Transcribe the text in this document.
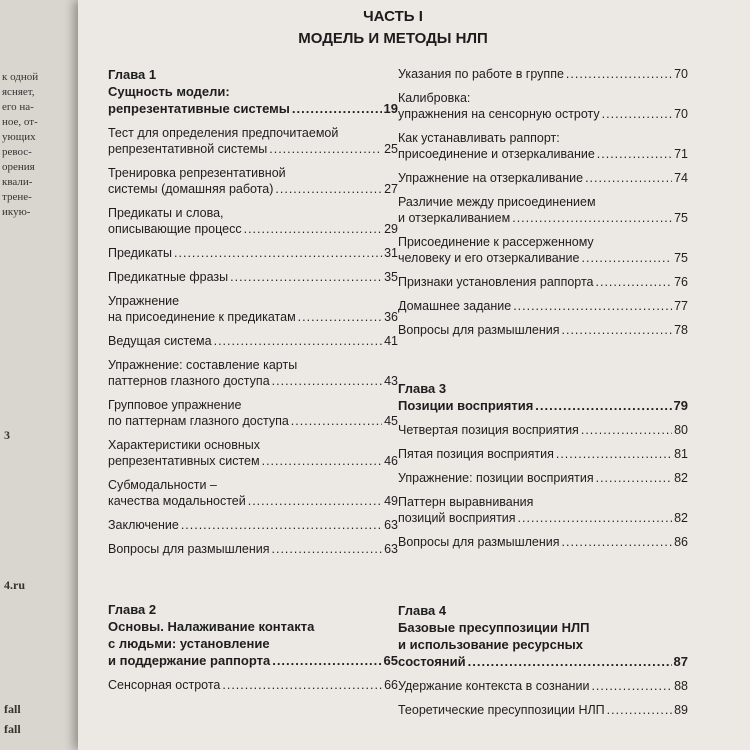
к одной
ясняет,
его на-
ное, от-
ующих
ревос-
орения
квали-
трене-
икую-
3
4.ru
fall
fall
ЧАСТЬ I
МОДЕЛЬ И МЕТОДЫ НЛП
Глава 1
Сущность модели:
репрезентативные системы .....	19
Тест для определения предпочитаемой
репрезентативной системы .....	25
Тренировка репрезентативной
системы (домашняя работа) .....	27
Предикаты и слова,
описывающие процесс .....	29
Предикаты .....	31
Предикатные фразы .....	35
Упражнение
на присоединение к предикатам .....	36
Ведущая система .....	41
Упражнение: составление карты
паттернов глазного доступа .....	43
Групповое упражнение
по паттернам глазного доступа .....	45
Характеристики основных
репрезентативных систем .....	46
Субмодальности –
качества модальностей .....	49
Заключение .....	63
Вопросы для размышления .....	63
Глава 2
Основы. Налаживание контакта
с людьми: установление
и поддержание раппорта .....	65
Сенсорная острота .....	66
Указания по работе в группе .....	70
Калибровка:
упражнения на сенсорную остроту .....	70
Как устанавливать раппорт:
присоединение и отзеркаливание .....	71
Упражнение на отзеркаливание .....	74
Различие между присоединением
и отзеркаливанием .....	75
Присоединение к рассерженному
человеку и его отзеркаливание .....	75
Признаки установления раппорта .....	76
Домашнее задание .....	77
Вопросы для размышления .....	78
Глава 3
Позиции восприятия .....	79
Четвертая позиция восприятия .....	80
Пятая позиция восприятия .....	81
Упражнение: позиции восприятия .....	82
Паттерн выравнивания
позиций восприятия .....	82
Вопросы для размышления .....	86
Глава 4
Базовые пресуппозиции НЛП
и использование ресурсных
состояний .....	87
Удержание контекста в сознании .....	88
Теоретические пресуппозиции НЛП .....	89
